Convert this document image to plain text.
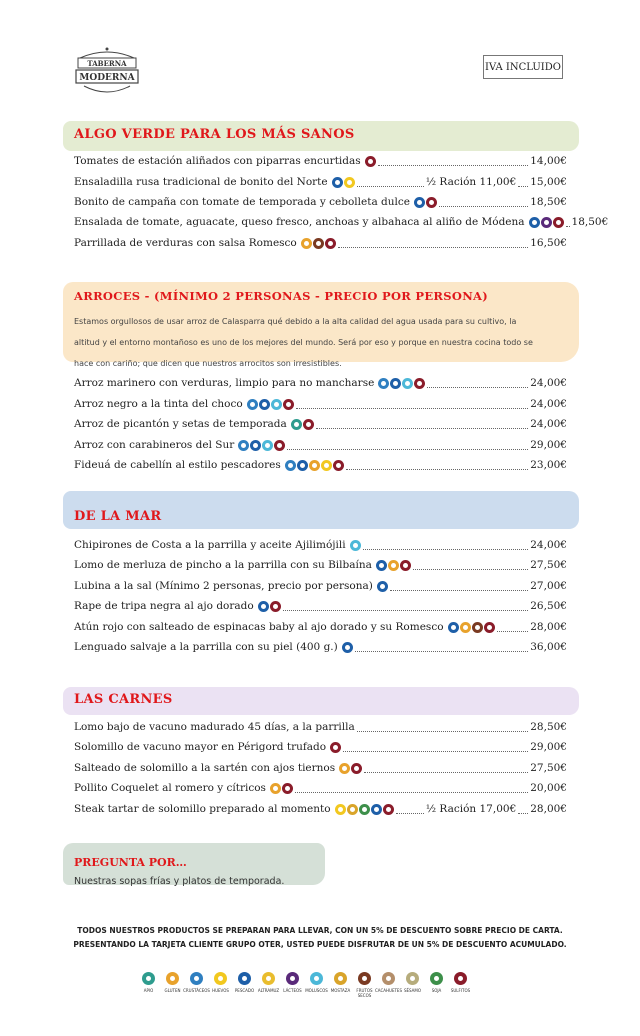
TABERNA
MODERNA
IVA INCLUIDO
ALGO VERDE PARA LOS MÁS SANOS
ARROCES - (MÍNIMO 2 PERSONAS - PRECIO POR PERSONA)
DE LA MAR
LAS CARNES
Estamos orgullosos de usar arroz de Calasparra qué debido a la alta calidad del agua usada para su cultivo, la
altitud y el entorno montañoso es uno de los mejores del mundo. Será por eso y porque en nuestra cocina todo se
hace con cariño; que dicen que nuestros arrocitos son irresistibles.
Tomates de estación aliñados con piparras encurtidas	14,00€
Ensaladilla rusa tradicional de bonito del Norte	½ Ración 11,00€ 15,00€
Bonito de campaña con tomate de temporada y cebolleta dulce	18,50€
Ensalada de tomate, aguacate, queso fresco, anchoas y albahaca al aliño de Módena	18,50€
Parrillada de verduras con salsa Romesco	16,50€
Arroz marinero con verduras, limpio para no mancharse	24,00€
Arroz negro a la tinta del choco	24,00€
Arroz de picantón y setas de temporada	24,00€
Arroz con carabineros del Sur	29,00€
Fideuá de cabellín al estilo pescadores	23,00€
Chipirones de Costa a la parrilla y aceite Ajilimójili	24,00€
Lomo de merluza de pincho a la parrilla con su Bilbaína	27,50€
Lubina a la sal (Mínimo 2 personas, precio por persona)	27,00€
Rape de tripa negra al ajo dorado	26,50€
Atún rojo con salteado de espinacas baby al ajo dorado y su Romesco	28,00€
Lenguado salvaje a la parrilla con su piel (400 g.)	36,00€
Lomo bajo de vacuno madurado 45 días, a la parrilla	28,50€
Solomillo de vacuno mayor en Périgord trufado	29,00€
Salteado de solomillo a la sartén con ajos tiernos	27,50€
Pollito Coquelet al romero y cítricos	20,00€
Steak tartar de solomillo preparado al momento	½ Ración 17,00€ 28,00€
PREGUNTA POR…
Nuestras sopas frías y platos de temporada.
TODOS NUESTROS PRODUCTOS SE PREPARAN PARA LLEVAR, CON UN 5% DE DESCUENTO SOBRE PRECIO DE CARTA.
PRESENTANDO LA TARJETA CLIENTE GRUPO OTER, USTED PUEDE DISFRUTAR DE UN 5% DE DESCUENTO ACUMULADO.
APIO	GLUTEN CRUSTÁCEOS HUEVOS PESCADO ALTRAMUZ LÁCTEOS MOLUSCOS MOSTAZA FRUTOS
SECOS
CACAHUETES SÉSAMO	SOJA SULFITOS
